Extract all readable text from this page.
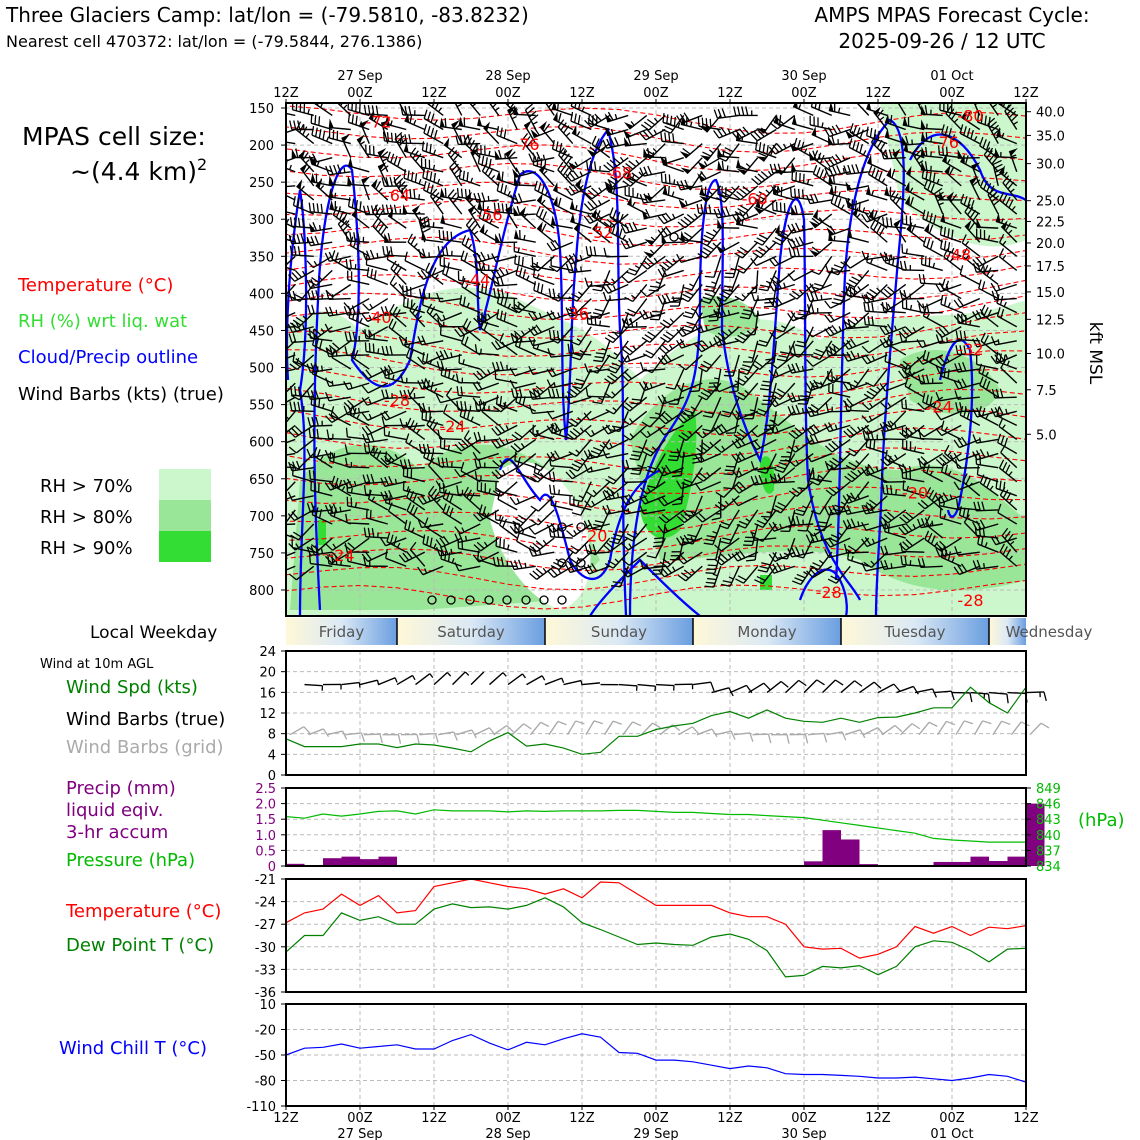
Three Glaciers Camp: lat/lon = (-79.5810, -83.8232)
Nearest cell 470372: lat/lon = (-79.5844, 276.1386)
AMPS MPAS Forecast Cycle:
2025-09-26 / 12 UTC
MPAS cell size:
~(4.4 km)$^2$
Temperature (°C)
RH (%) wrt liq. wat
Cloud/Precip outline
Wind Barbs (kts) (true)
RH > 70%
RH > 80%
RH > 90%
-72
-76
-80
-76
-68
-64	-60
-56
-52
-48
-44
-40	-36
-32
-28
-24
-24
-20
-20
-24
-28	-28
150
200
250
300
350
400
450
500
550
600
650
700
750
800
40.0
35.0
30.0
25.0
22.5
20.0
17.5
15.0
12.5
10.0
7.5
5.0
kft MSL
Local Weekday	Friday	Saturday	Sunday	Monday	Tuesday	Wednesday
Wind at 10m AGL
Wind Spd (kts)
Wind Barbs (true)
Wind Barbs (grid)
0
4
8
12
16
20
24
Precip (mm)
liquid eqiv.
3-hr accum
Pressure (hPa)
(hPa)
0
0.5
1.0
1.5
2.0
2.5
834
837
840
843
846
849
Temperature (°C)
Dew Point T (°C)
-36
-33
-30
-27
-24
-21
Wind Chill T (°C)
-110
-80
-50
-20
10
12Z	00Z	12Z	00Z	12Z	00Z	12Z	00Z	12Z	00Z	12Z
27 Sep	28 Sep	29 Sep	30 Sep	01 Oct
12Z	00Z	12Z	00Z	12Z	00Z	12Z	00Z	12Z	00Z	12Z
27 Sep	28 Sep	29 Sep	30 Sep	01 Oct
